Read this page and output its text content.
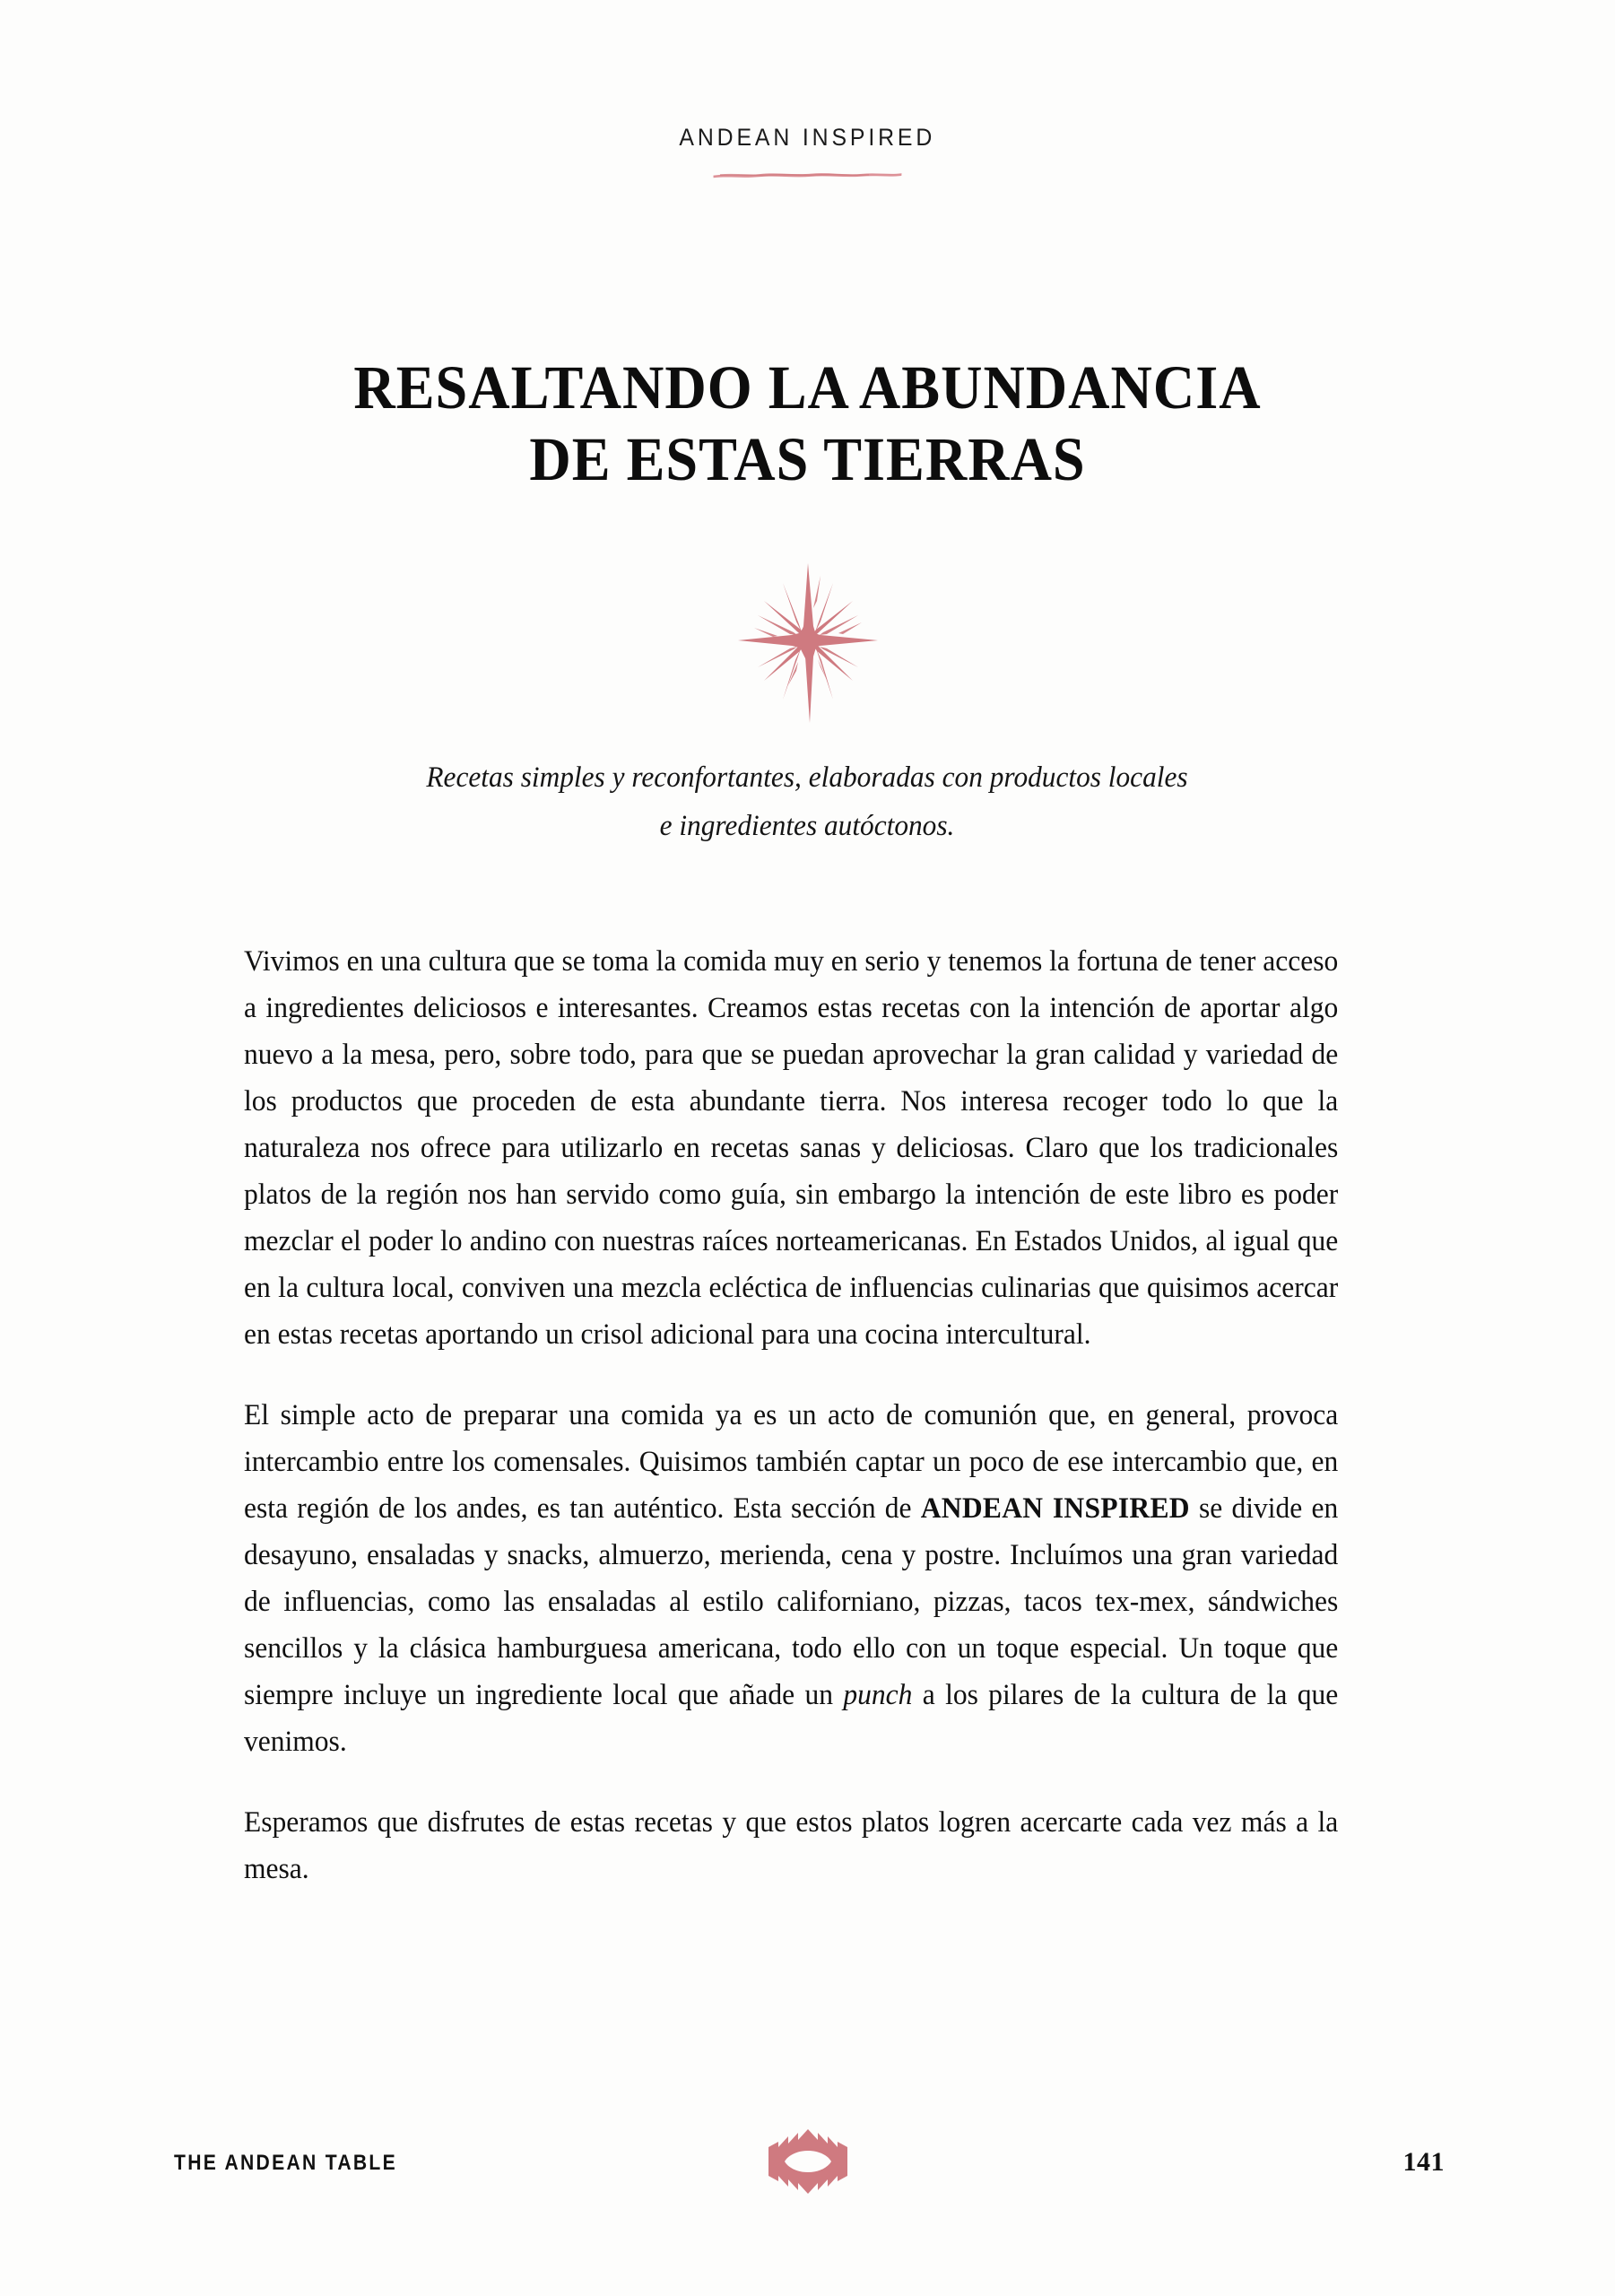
ANDEAN INSPIRED
RESALTANDO LA ABUNDANCIA
DE ESTAS TIERRAS
Recetas simples y reconfortantes, elaboradas con productos locales
e ingredientes autóctonos.

Vivimos en una cultura que se toma la comida muy en serio y tenemos la fortuna de tener acceso a ingredientes deliciosos e interesantes. Creamos estas recetas con la intención de aportar algo nuevo a la mesa, pero, sobre todo, para que se puedan aprovechar la gran calidad y variedad de los productos que proceden de esta abundante tierra. Nos interesa recoger todo lo que la naturaleza nos ofrece para utilizarlo en recetas sanas y deliciosas. Claro que los tradicionales platos de la región nos han servido como guía, sin embargo la intención de este libro es poder mezclar el poder lo andino con nuestras raíces norteamericanas. En Estados Unidos, al igual que en la cultura local, conviven una mezcla ecléctica de influencias culinarias que quisimos acercar en estas recetas aportando un crisol adicional para una cocina intercultural.

El simple acto de preparar una comida ya es un acto de comunión que, en general, provoca intercambio entre los comensales. Quisimos también captar un poco de ese intercambio que, en esta región de los andes, es tan auténtico. Esta sección de ANDEAN INSPIRED se divide en desayuno, ensaladas y snacks, almuerzo, merienda, cena y postre. Incluímos una gran variedad de influencias, como las ensaladas al estilo californiano, pizzas, tacos tex-mex, sándwiches sencillos y la clásica hamburguesa americana, todo ello con un toque especial. Un toque que siempre incluye un ingrediente local que añade un punch a los pilares de la cultura de la que venimos.

Esperamos que disfrutes de estas recetas y que estos platos logren acercarte cada vez más a la mesa.

THE ANDEAN TABLE	141
